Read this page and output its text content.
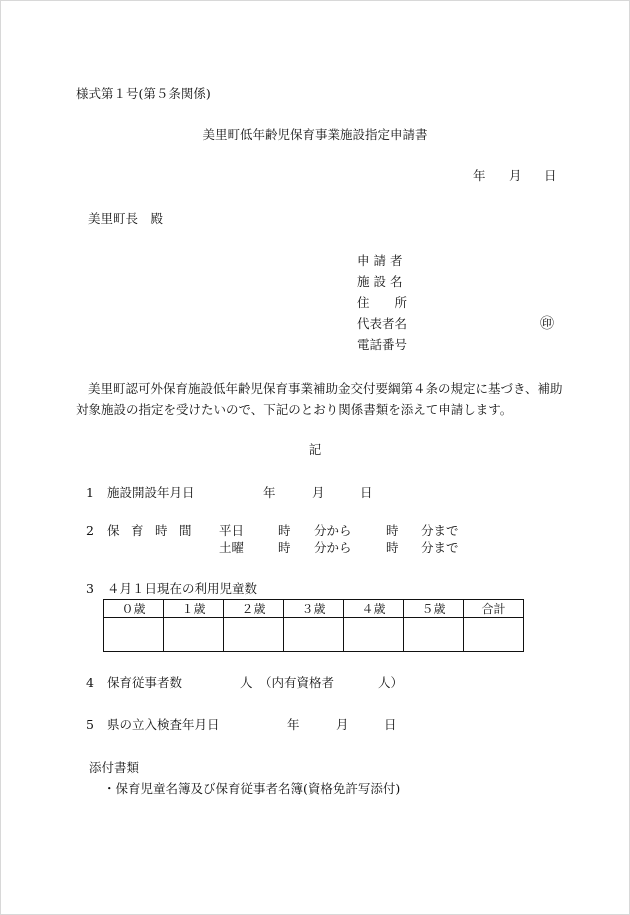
様式第１号(第５条関係)
美里町低年齢児保育事業施設指定申請書
年 月 日
美里町長　殿
申 請 者
施 設 名
住　　所
代表者名	㊞
電話番号
美里町認可外保育施設低年齢児保育事業補助金交付要綱第４条の規定に基づき、補助対象施設の指定を受けたいので、下記のとおり関係書類を添えて申請します。
記
1 施設開設年月日	年	月	日
2 保 育 時 間 平日	時 分から	時 分まで
土曜	時 分から	時 分まで
3 ４月１日現在の利用児童数
０歳	１歳	２歳	３歳	４歳	５歳	合計

4 保育従事者数	人 （内有資格者	人）
5 県の立入検査年月日	年	月	日
添付書類
・保育児童名簿及び保育従事者名簿(資格免許写添付)
